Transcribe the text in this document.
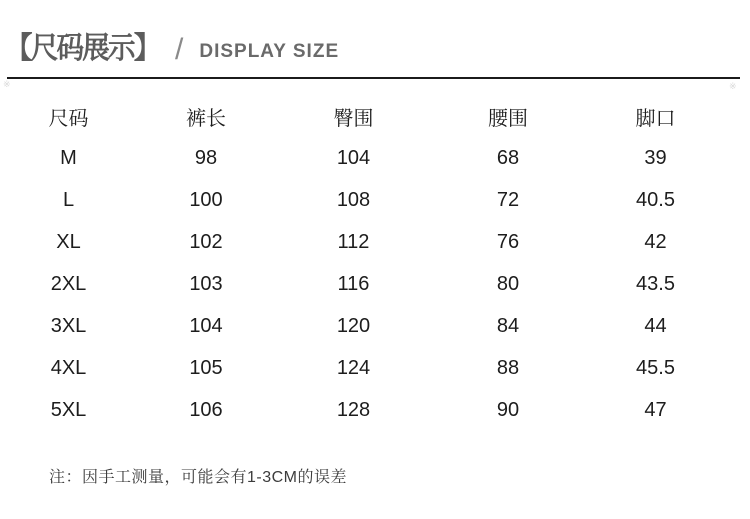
【尺码展示】 / DISPLAY SIZE
※	※
尺码	裤长	臀围	腰围	脚口
M	98	104	68	39
L	100	108	72	40.5
XL	102	112	76	42
2XL	103	116	80	43.5
3XL	104	120	84	44
4XL	105	124	88	45.5
5XL	106	128	90	47
注：因手工测量，可能会有1-3CM的误差
